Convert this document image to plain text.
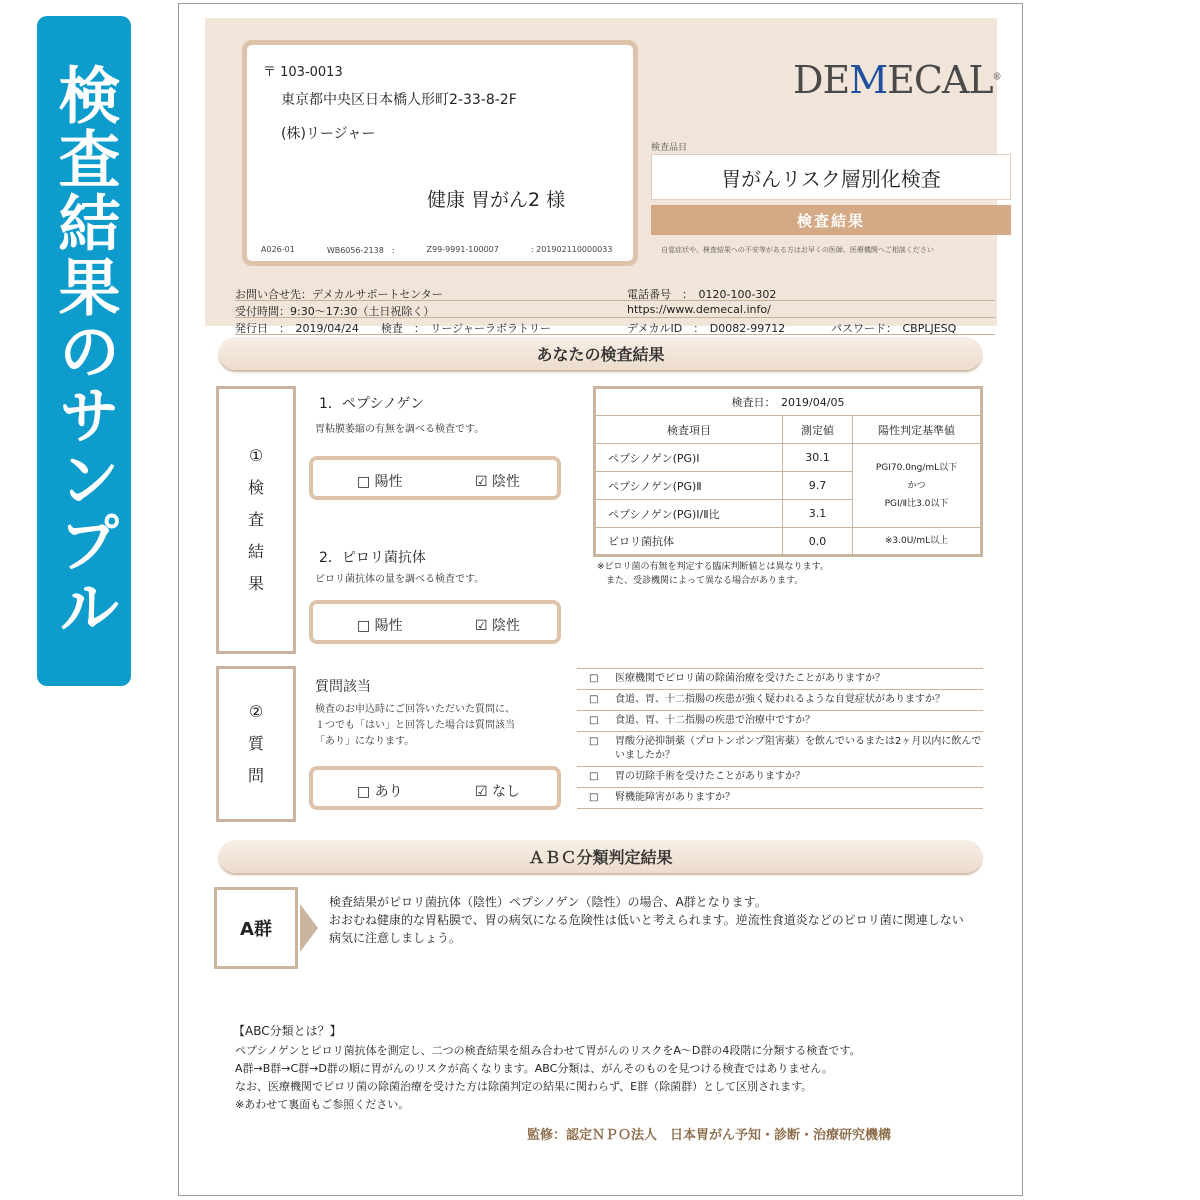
検査結果のサンプル	〒 103-0013
東京都中央区日本橋人形町2-33-8-2F
(株)リージャー
健康 胃がん2 様
A026-01	WB6056-2138　:	Z99-9991-100007	: 201902110000033
DEMECAL®
検査品目
胃がんリスク層別化検査
検査結果
自覚症状や、検査結果への不安等がある方はお早くの医師、医療機関へご相談ください
お問い合せ先：デメカルサポートセンター	電話番号　：　0120-100-302
受付時間：9:30～17:30（土日祝除く）	https://www.demecal.info/
発行日　：　2019/04/24　　検査　：　リージャーラボラトリー	デメカルID　：　D0082-99712	パスワード：　CBPLJESQ
あなたの検査結果
①
検
査
結
果
1．ペプシノゲン
胃粘膜萎縮の有無を調べる検査です。
□ 陽性	☑ 陰性
2．ピロリ菌抗体
ピロリ菌抗体の量を調べる検査です。
□ 陽性	☑ 陰性
検査日：　2019/04/05		
検査項目	測定値	陽性判定基準値
ペプシノゲン(PG)Ⅰ	30.1	PGⅠ70.0ng/mL以下
かつ
PGⅠ/Ⅱ比3.0以下

ペプシノゲン(PG)Ⅱ	9.7	
ペプシノゲン(PG)Ⅰ/Ⅱ比	3.1	
ピロリ菌抗体	0.0	※3.0U/mL以上
※ピロリ菌の有無を判定する臨床判断値とは異なります。
　また、受診機関によって異なる場合があります。
②
質
問
質問該当
検査のお申込時にご回答いただいた質問に、
１つでも「はい」と回答した場合は質問該当
「あり」になります。
□ あり	☑ なし
□ 医療機関でピロリ菌の除菌治療を受けたことがありますか？
□ 食道、胃、十二指腸の疾患が強く疑われるような自覚症状がありますか？
□ 食道、胃、十二指腸の疾患で治療中ですか？
□ 胃酸分泌抑制薬（プロトンポンプ阻害薬）を飲んでいるまたは2ヶ月以内に飲んでいましたか？
□ 胃の切除手術を受けたことがありますか？
□ 腎機能障害がありますか？
ＡＢＣ分類判定結果
A群
検査結果がピロリ菌抗体（陰性）ペプシノゲン（陰性）の場合、A群となります。
おおむね健康的な胃粘膜で、胃の病気になる危険性は低いと考えられます。逆流性食道炎などのピロリ菌に関連しない病気に注意しましょう。
【ABC分類とは？】
ペプシノゲンとピロリ菌抗体を測定し、二つの検査結果を組み合わせて胃がんのリスクをA～D群の4段階に分類する検査です。
A群→B群→C群→D群の順に胃がんのリスクが高くなります。ABC分類は、がんそのものを見つける検査ではありません。
なお、医療機関でピロリ菌の除菌治療を受けた方は除菌判定の結果に関わらず、E群（除菌群）として区別されます。
※あわせて裏面もご参照ください。
監修：認定ＮＰＯ法人　日本胃がん予知・診断・治療研究機構
